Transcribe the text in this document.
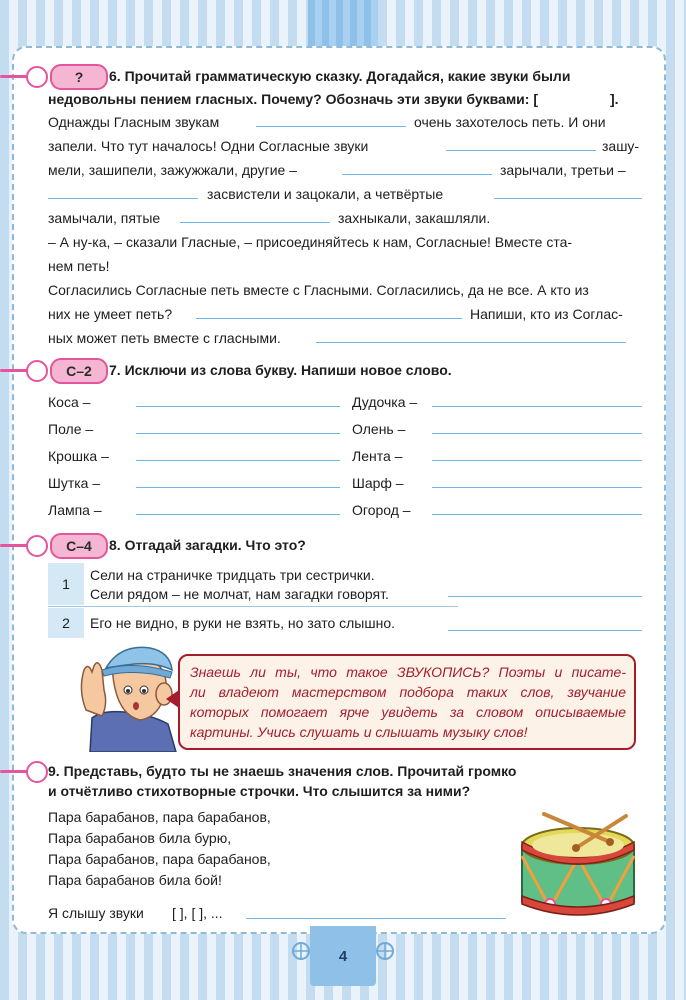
?	6. Прочитай грамматическую сказку. Догадайся, какие звуки были
недовольны пением гласных. Почему? Обозначь эти звуки буквами: [	].
Однажды Гласным звукам	очень захотелось петь. И они
запели. Что тут началось! Одни Согласные звуки	зашу-
мели, зашипели, зажужжали, другие –	зарычали, третьи –
засвистели и зацокали, а четвёртые
замычали, пятые	захныкали, закашляли.
– А ну-ка, – сказали Гласные, – присоединяйтесь к нам, Согласные! Вместе ста-
нем петь!
Согласились Согласные петь вместе с Гласными. Согласились, да не все. А кто из
них не умеет петь?	Напиши, кто из Соглас-
ных может петь вместе с гласными.
С–2	7. Исключи из слова букву. Напиши новое слово.
Коса –	Дудочка –
Поле –	Олень –
Крошка –	Лента –
Шутка –	Шарф –
Лампа –	Огород –
С–4	8. Отгадай загадки. Что это?
1
Сели на страничке тридцать три сестрички.
Сели рядом – не молчат, нам загадки говорят.
2	Его не видно, в руки не взять, но зато слышно.
Знаешь ли ты, что такое ЗВУКОПИСЬ? Поэты и писате-
ли владеют мастерством подбора таких слов, звучание
которых помогает ярче увидеть за словом описываемые
картины. Учись слушать и слышать музыку слов!
9. Представь, будто ты не знаешь значения слов. Прочитай громко
и отчётливо стихотворные строчки. Что слышится за ними?
Пара барабанов, пара барабанов,
Пара барабанов била бурю,
Пара барабанов, пара барабанов,
Пара барабанов била бой!
Я слышу звуки [ ], [ ], ...
4
